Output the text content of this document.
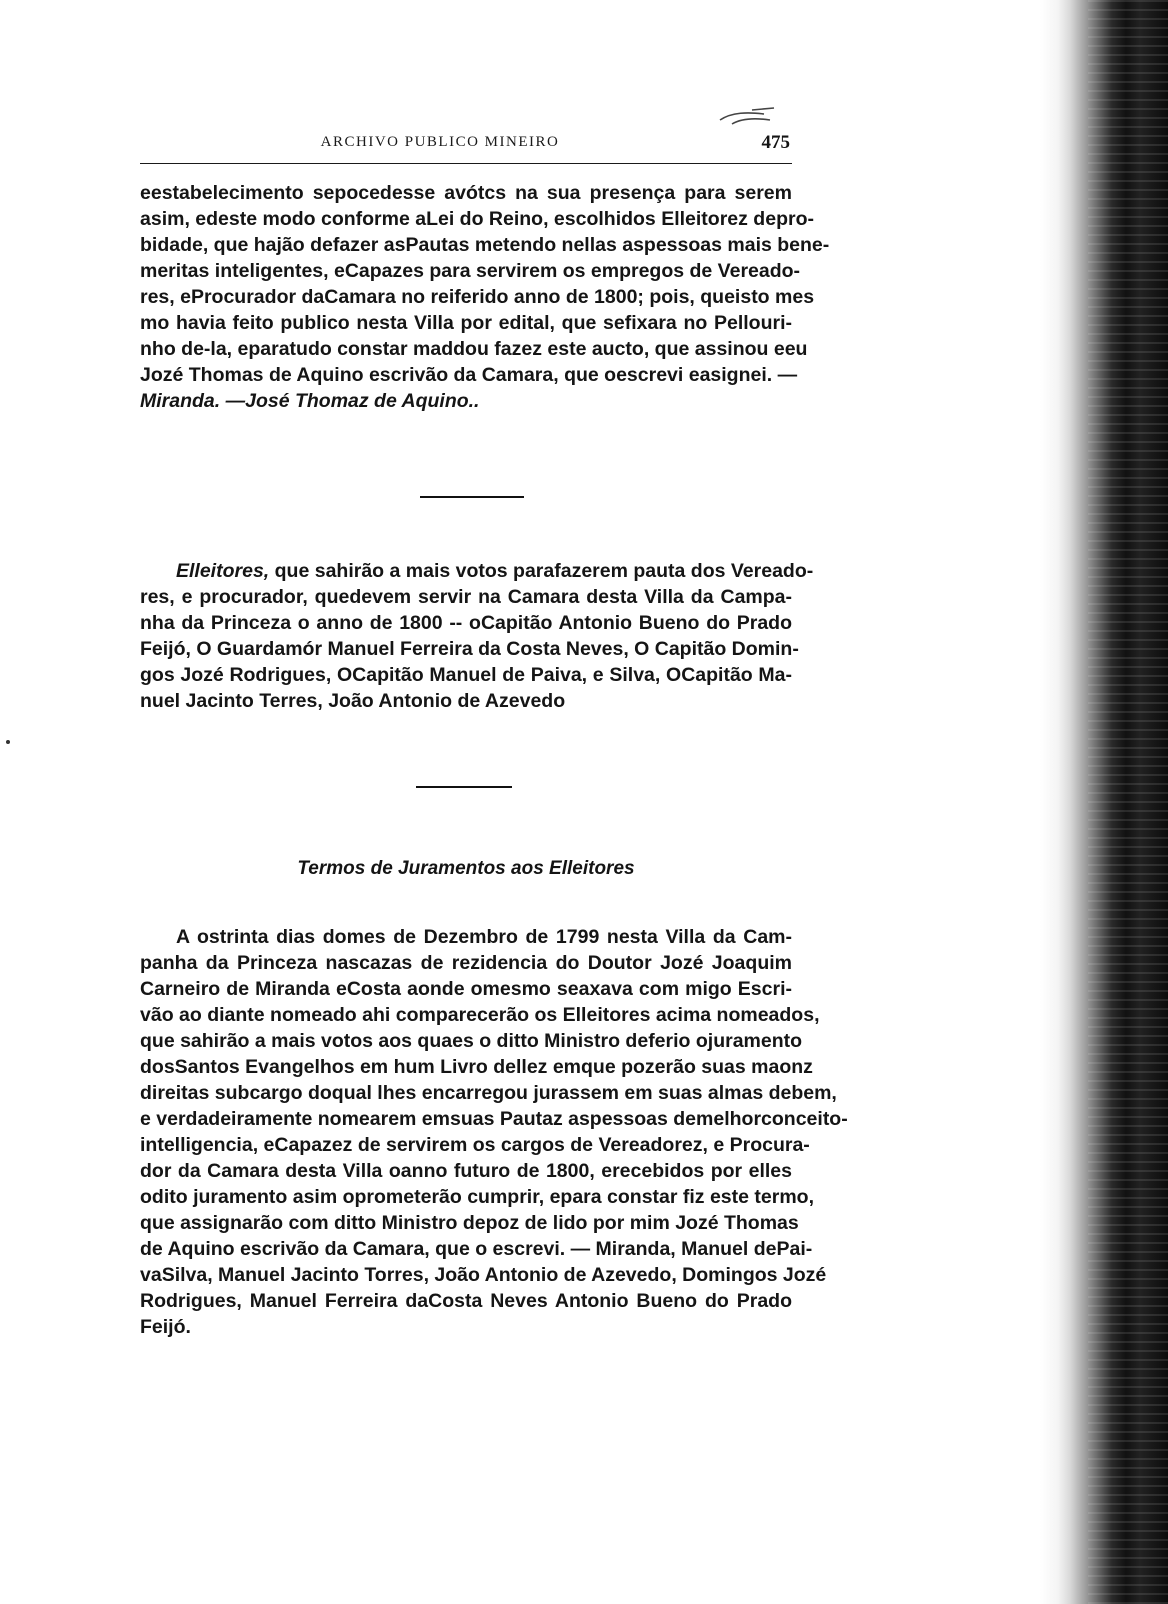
ARCHIVO PUBLICO MINEIRO	475
eestabelecimento sepocedesse avótcs na sua presença para serem
asim, edeste modo conforme aLei do Reino, escolhidos Elleitorez depro-
bidade, que hajão defazer asPautas metendo nellas aspessoas mais bene-
meritas inteligentes, eCapazes para servirem os empregos de Vereado-
res, eProcurador daCamara no reiferido anno de 1800; pois, queisto mes
mo havia feito publico nesta Villa por edital, que sefixara no Pellouri-
nho de-la, eparatudo constar maddou fazez este aucto, que assinou eeu
Jozé Thomas de Aquino escrivão da Camara, que oescrevi easignei. —
Miranda. —José Thomaz de Aquino..
Elleitores, que sahirão a mais votos parafazerem pauta dos Vereado-
res, e procurador, quedevem servir na Camara desta Villa da Campa-
nha da Princeza o anno de 1800 -- oCapitão Antonio Bueno do Prado
Feijó, O Guardamór Manuel Ferreira da Costa Neves, O Capitão Domin-
gos Jozé Rodrigues, OCapitão Manuel de Paiva, e Silva, OCapitão Ma-
nuel Jacinto Terres, João Antonio de Azevedo
Termos de Juramentos aos Elleitores
A ostrinta dias domes de Dezembro de 1799 nesta Villa da Cam-
panha da Princeza nascazas de rezidencia do Doutor Jozé Joaquim
Carneiro de Miranda eCosta aonde omesmo seaxava com migo Escri-
vão ao diante nomeado ahi comparecerão os Elleitores acima nomeados,
que sahirão a mais votos aos quaes o ditto Ministro deferio ojuramento
dosSantos Evangelhos em hum Livro dellez emque pozerão suas maonz
direitas subcargo doqual lhes encarregou jurassem em suas almas debem,
e verdadeiramente nomearem emsuas Pautaz aspessoas demelhorconceito-
intelligencia, eCapazez de servirem os cargos de Vereadorez, e Procura-
dor da Camara desta Villa oanno futuro de 1800, erecebidos por elles
odito juramento asim oprometerão cumprir, epara constar fiz este termo,
que assignarão com ditto Ministro depoz de lido por mim Jozé Thomas
de Aquino escrivão da Camara, que o escrevi. — Miranda, Manuel dePai-
vaSilva, Manuel Jacinto Torres, João Antonio de Azevedo, Domingos Jozé
Rodrigues, Manuel Ferreira daCosta Neves Antonio Bueno do Prado
Feijó.
